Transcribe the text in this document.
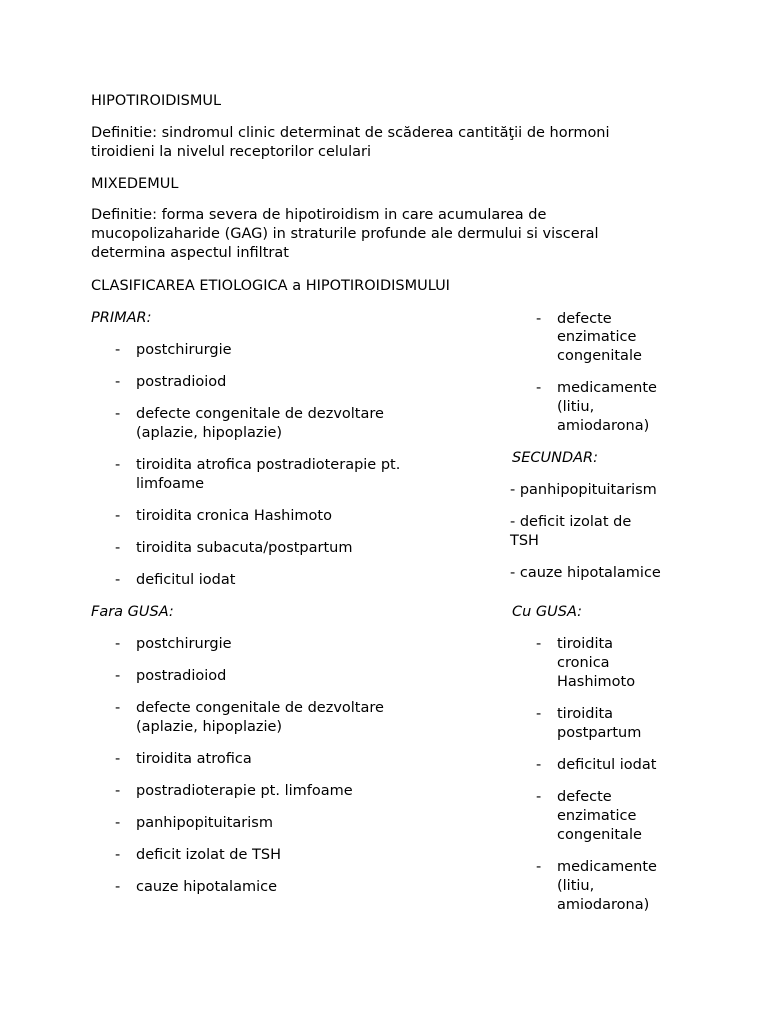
HIPOTIROIDISMUL
Definitie: sindromul clinic determinat de scăderea cantităţii de hormoni
tiroidieni la nivelul receptorilor celulari
MIXEDEMUL
Definitie: forma severa de hipotiroidism in care acumularea de
mucopolizaharide (GAG) in straturile profunde ale dermului si visceral
determina aspectul infiltrat
CLASIFICAREA ETIOLOGICA a HIPOTIROIDISMULUI
PRIMAR:
-	postchirurgie
-	postradioiod
-	defecte congenitale de dezvoltare
(aplazie, hipoplazie)
-	tiroidita atrofica postradioterapie pt.
limfoame
-	tiroidita cronica Hashimoto
-	tiroidita subacuta/postpartum
-	deficitul iodat
-	defecte
enzimatice
congenitale
-	medicamente
(litiu,
amiodarona)
SECUNDAR:
- panhipopituitarism
- deficit izolat de
TSH
- cauze hipotalamice
Fara GUSA:
-	postchirurgie
-	postradioiod
-	defecte congenitale de dezvoltare
(aplazie, hipoplazie)
-	tiroidita atrofica
-	postradioterapie pt. limfoame
-	panhipopituitarism
-	deficit izolat de TSH
-	cauze hipotalamice
Cu GUSA:
-	tiroidita
cronica
Hashimoto
-	tiroidita
postpartum
-	deficitul iodat
-	defecte
enzimatice
congenitale
-	medicamente
(litiu,
amiodarona)
